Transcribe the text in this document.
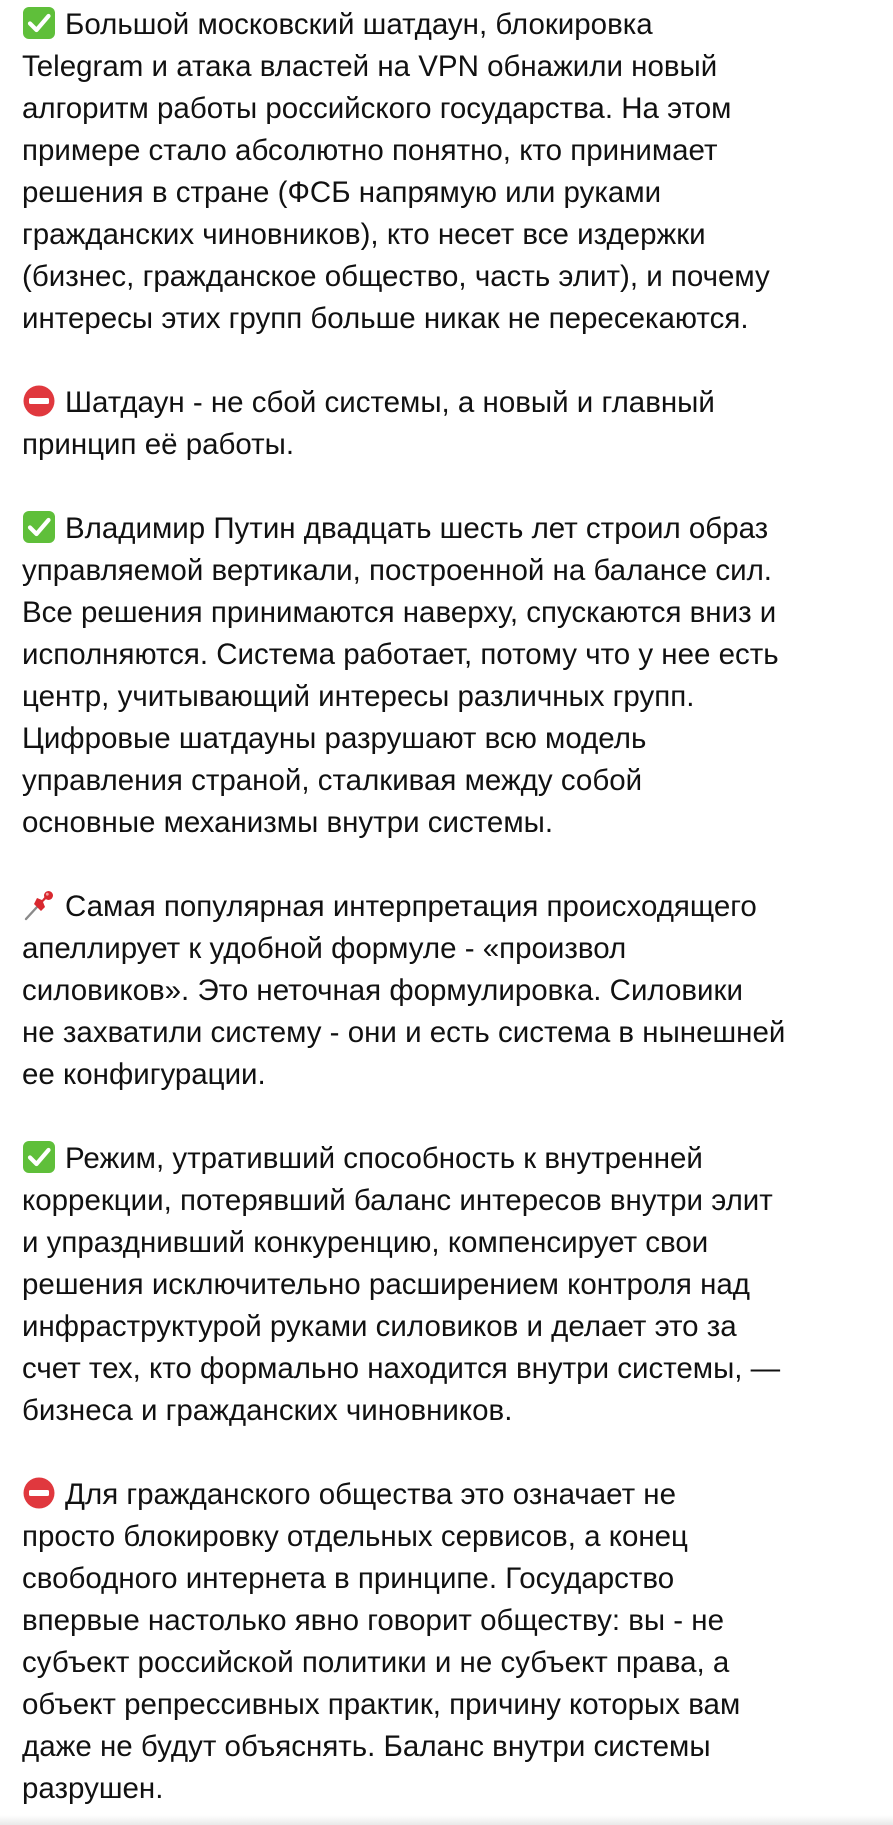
Большой московский шатдаун, блокировка
Telegram и атака властей на VPN обнажили новый
алгоритм работы российского государства. На этом
примере стало абсолютно понятно, кто принимает
решения в стране (ФСБ напрямую или руками
гражданских чиновников), кто несет все издержки
(бизнес, гражданское общество, часть элит), и почему
интересы этих групп больше никак не пересекаются.

Шатдаун - не сбой системы, а новый и главный
принцип её работы.

Владимир Путин двадцать шесть лет строил образ
управляемой вертикали, построенной на балансе сил.
Все решения принимаются наверху, спускаются вниз и
исполняются. Система работает, потому что у нее есть
центр, учитывающий интересы различных групп.
Цифровые шатдауны разрушают всю модель
управления страной, сталкивая между собой
основные механизмы внутри системы.

Самая популярная интерпретация происходящего
апеллирует к удобной формуле - «произвол
силовиков». Это неточная формулировка. Силовики
не захватили систему - они и есть система в нынешней
ее конфигурации.

Режим, утративший способность к внутренней
коррекции, потерявший баланс интересов внутри элит
и упразднивший конкуренцию, компенсирует свои
решения исключительно расширением контроля над
инфраструктурой руками силовиков и делает это за
счет тех, кто формально находится внутри системы, —
бизнеса и гражданских чиновников.

Для гражданского общества это означает не
просто блокировку отдельных сервисов, а конец
свободного интернета в принципе. Государство
впервые настолько явно говорит обществу: вы - не
субъект российской политики и не субъект права, а
объект репрессивных практик, причину которых вам
даже не будут объяснять. Баланс внутри системы
разрушен.
